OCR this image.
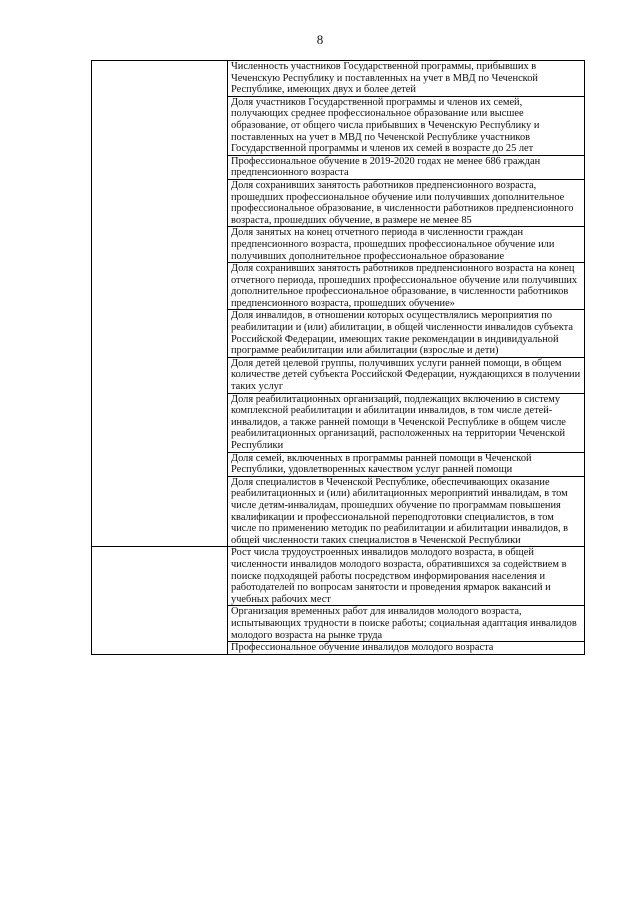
8
	Численность участников Государственной программы, прибывших в Чеченскую Республику и поставленных на учет в МВД по Чеченской Республике, имеющих двух и более детей
	Доля участников Государственной программы и членов их семей, получающих среднее профессиональное образование или высшее образование, от общего числа прибывших в Чеченскую Республику и поставленных на учет в МВД по Чеченской Республике участников Государственной программы и членов их семей в возрасте до 25 лет
	Профессиональное обучение в 2019-2020 годах не менее 686 граждан предпенсионного возраста
	Доля сохранивших занятость работников предпенсионного возраста, прошедших профессиональное обучение или получивших дополнительное профессиональное образование, в численности работников предпенсионного возраста, прошедших обучение, в размере не менее 85
	Доля занятых на конец отчетного периода в численности граждан предпенсионного возраста, прошедших профессиональное обучение или получивших дополнительное профессиональное образование
	Доля сохранивших занятость работников предпенсионного возраста на конец отчетного периода, прошедших профессиональное обучение или получивших дополнительное профессиональное образование, в численности работников предпенсионного возраста, прошедших обучение»
	Доля инвалидов, в отношении которых осуществлялись мероприятия по реабилитации и (или) абилитации, в общей численности инвалидов субъекта Российской Федерации, имеющих такие рекомендации в индивидуальной программе реабилитации или абилитации (взрослые и дети)
	Доля детей целевой группы, получивших услуги ранней помощи, в общем количестве детей субъекта Российской Федерации, нуждающихся в получении таких услуг
	Доля реабилитационных организаций, подлежащих включению в систему комплексной реабилитации и абилитации инвалидов, в том числе детей-инвалидов, а также ранней помощи в Чеченской Республике в общем числе реабилитационных организаций, расположенных на территории Чеченской Республики
	Доля семей, включенных в программы ранней помощи в Чеченской Республики, удовлетворенных качеством услуг ранней помощи
	Доля специалистов в Чеченской Республике, обеспечивающих оказание реабилитационных и (или) абилитационных мероприятий инвалидам, в том числе детям-инвалидам, прошедших обучение по программам повышения квалификации и профессиональной переподготовки специалистов, в том числе по применению методик по реабилитации и абилитации инвалидов, в общей численности таких специалистов в Чеченской Республики
	Рост числа трудоустроенных инвалидов молодого возраста, в общей численности инвалидов молодого возраста, обратившихся за содействием в поиске подходящей работы посредством информирования населения и работодателей по вопросам занятости и проведения ярмарок вакансий и учебных рабочих мест
	Организация временных работ для инвалидов молодого возраста, испытывающих трудности в поиске работы; социальная адаптация инвалидов молодого возраста на рынке труда
	Профессиональное обучение инвалидов молодого возраста
